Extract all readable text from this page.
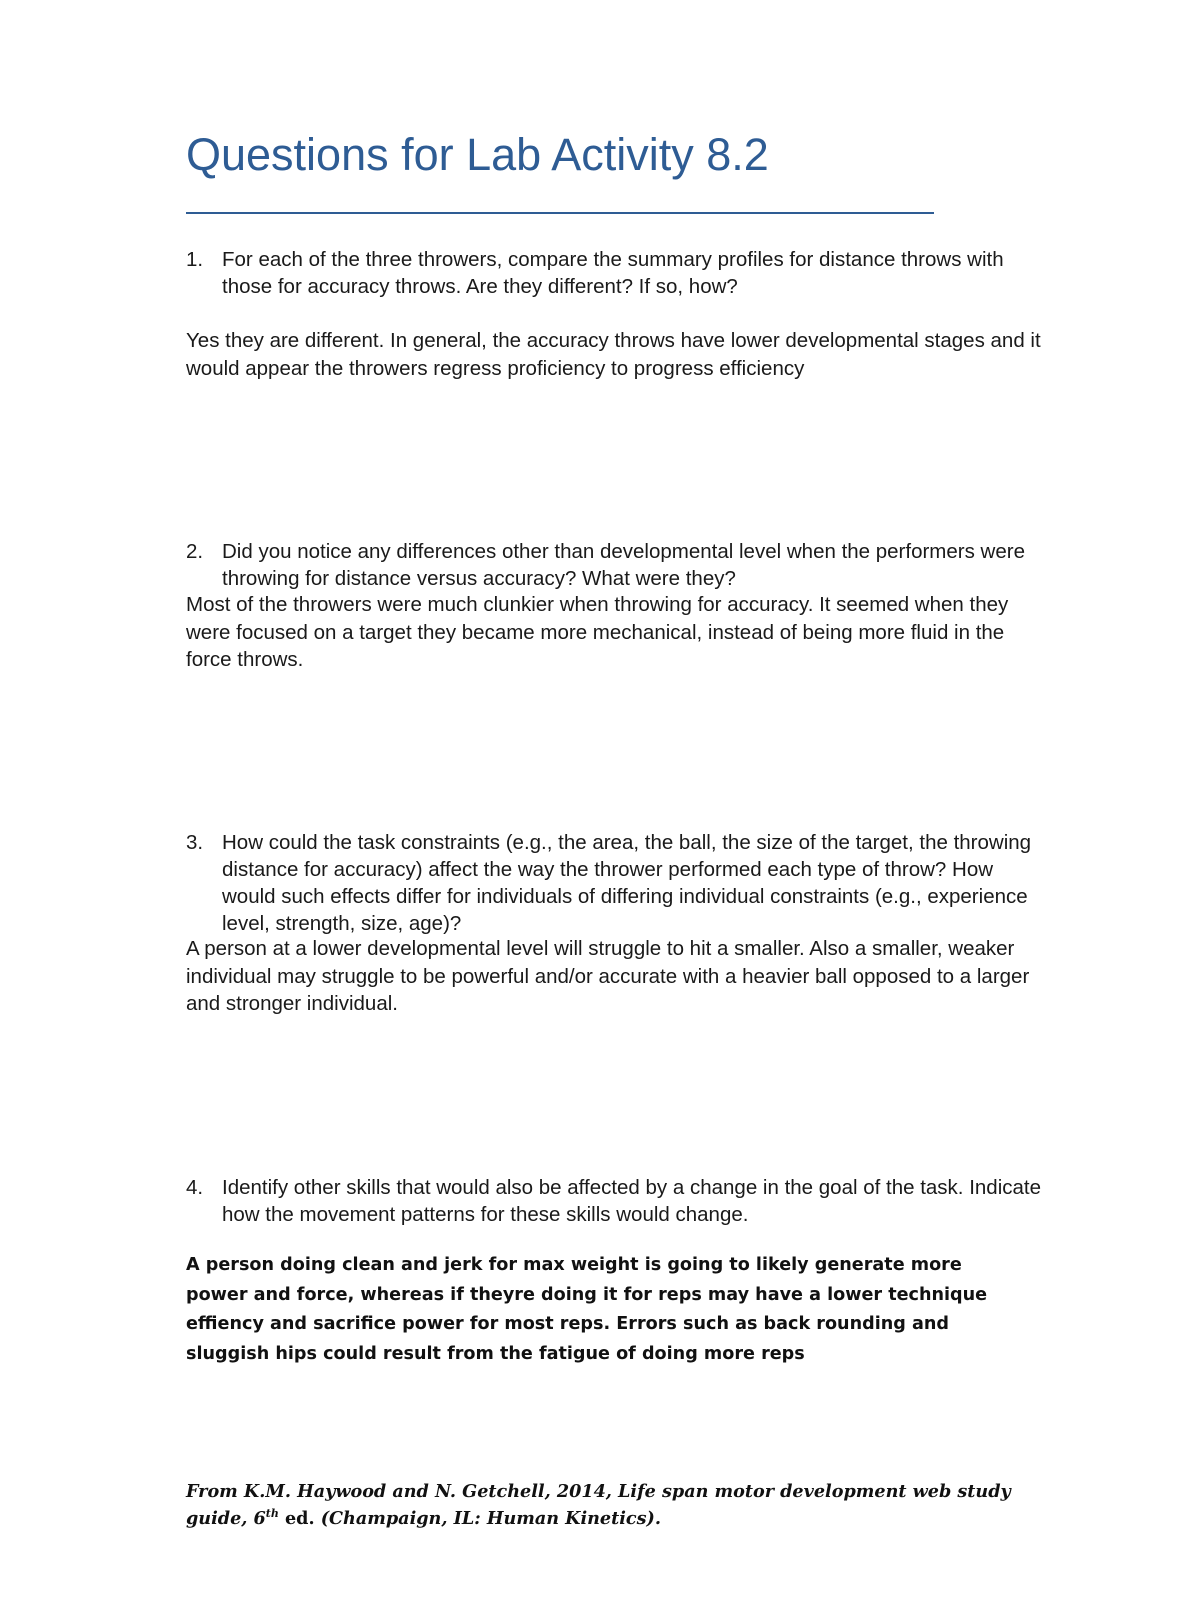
Questions for Lab Activity 8.2

1. For each of the three throwers, compare the summary profiles for distance throws with those for accuracy throws. Are they different? If so, how?

Yes they are different. In general, the accuracy throws have lower developmental stages and it would appear the throwers regress proficiency to progress efficiency

2. Did you notice any differences other than developmental level when the performers were throwing for distance versus accuracy? What were they?

Most of the throwers were much clunkier when throwing for accuracy. It seemed when they were focused on a target they became more mechanical, instead of being more fluid in the force throws.

3. How could the task constraints (e.g., the area, the ball, the size of the target, the throwing distance for accuracy) affect the way the thrower performed each type of throw? How would such effects differ for individuals of differing individual constraints (e.g., experience level, strength, size, age)?

A person at a lower developmental level will struggle to hit a smaller. Also a smaller, weaker individual may struggle to be powerful and/or accurate with a heavier ball opposed to a larger and stronger individual.

4. Identify other skills that would also be affected by a change in the goal of the task. Indicate how the movement patterns for these skills would change.

A person doing clean and jerk for max weight is going to likely generate more power and force, whereas if theyre doing it for reps may have a lower technique effiency and sacrifice power for most reps. Errors such as back rounding and sluggish hips could result from the fatigue of doing more reps

From K.M. Haywood and N. Getchell, 2014, Life span motor development web study guide, 6th ed. (Champaign, IL: Human Kinetics).
